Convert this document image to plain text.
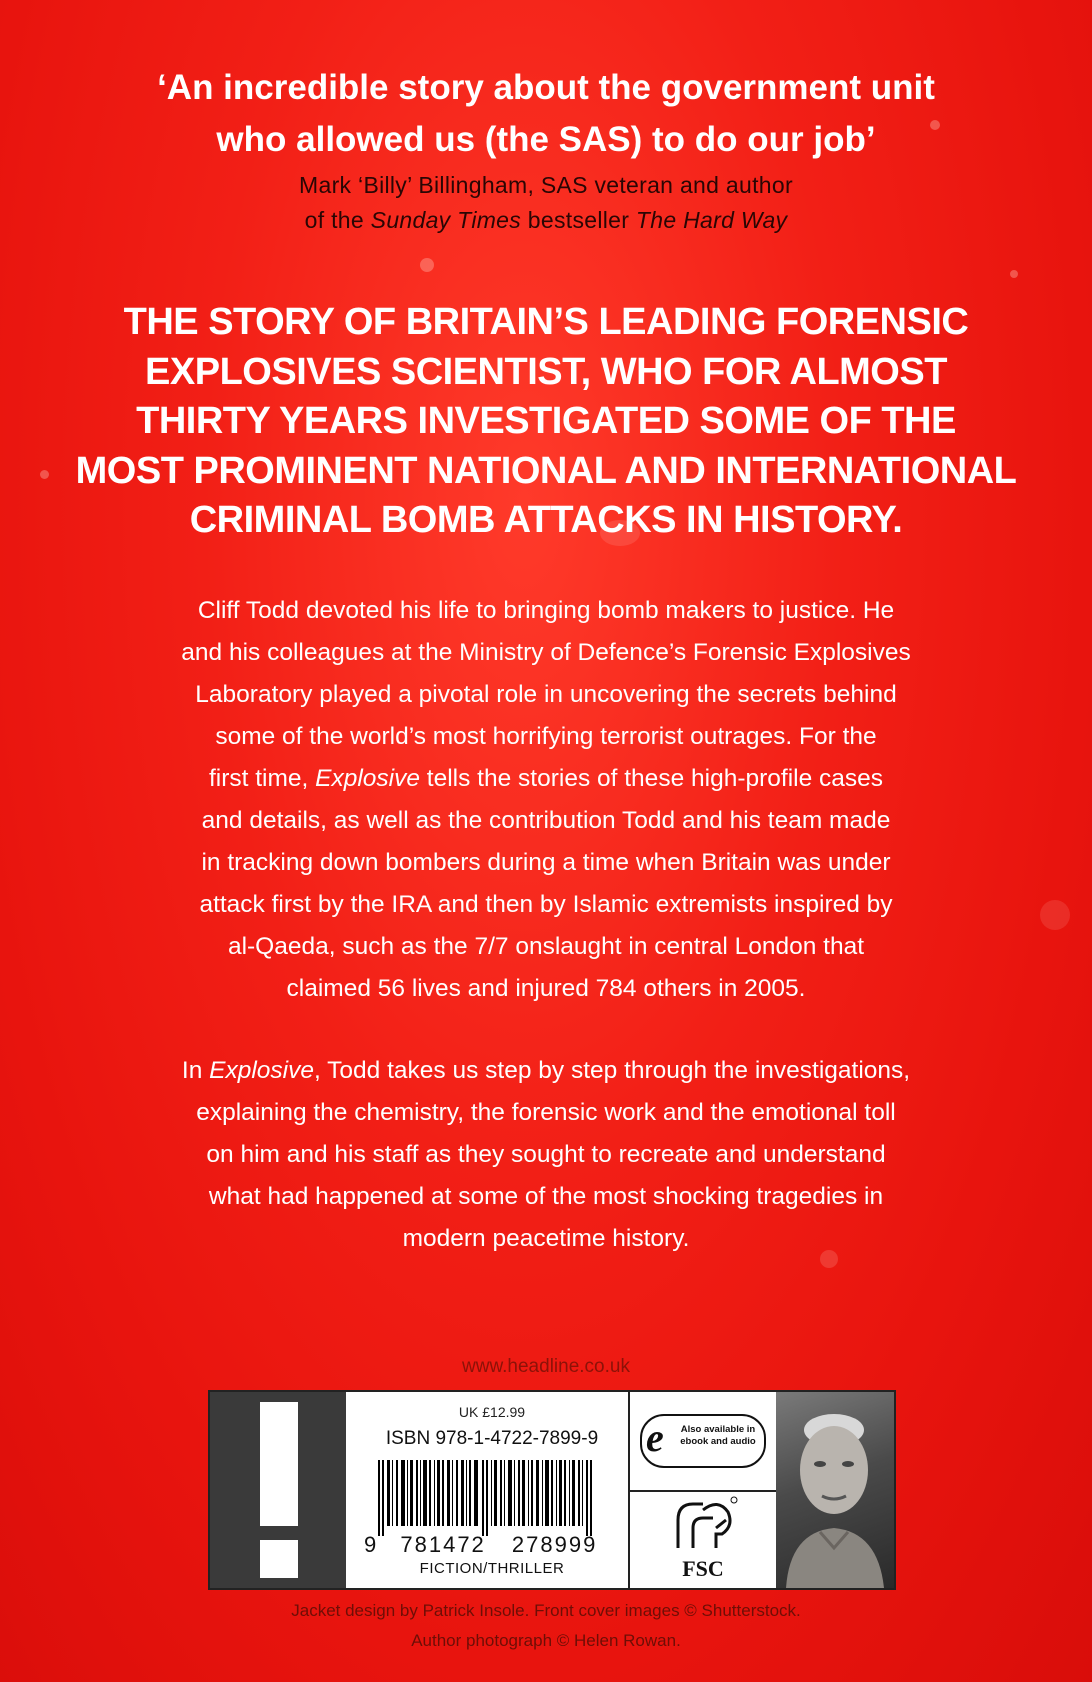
‘An incredible story about the government unit
who allowed us (the SAS) to do our job’
Mark ‘Billy’ Billingham, SAS veteran and author
of the Sunday Times bestseller The Hard Way
THE STORY OF BRITAIN’S LEADING FORENSIC
EXPLOSIVES SCIENTIST, WHO FOR ALMOST
THIRTY YEARS INVESTIGATED SOME OF THE
MOST PROMINENT NATIONAL AND INTERNATIONAL
CRIMINAL BOMB ATTACKS IN HISTORY.
Cliff Todd devoted his life to bringing bomb makers to justice. He
and his colleagues at the Ministry of Defence’s Forensic Explosives
Laboratory played a pivotal role in uncovering the secrets behind
some of the world’s most horrifying terrorist outrages. For the
first time, Explosive tells the stories of these high-profile cases
and details, as well as the contribution Todd and his team made
in tracking down bombers during a time when Britain was under
attack first by the IRA and then by Islamic extremists inspired by
al-Qaeda, such as the 7/7 onslaught in central London that
claimed 56 lives and injured 784 others in 2005.
In Explosive, Todd takes us step by step through the investigations,
explaining the chemistry, the forensic work and the emotional toll
on him and his staff as they sought to recreate and understand
what had happened at some of the most shocking tragedies in
modern peacetime history.
www.headline.co.uk
UK £12.99
ISBN 978-1-4722-7899-9
9 781472 278999
FICTION/THRILLER
e	Also available in ebook and audio
FSC
Jacket design by Patrick Insole. Front cover images © Shutterstock.
Author photograph © Helen Rowan.
